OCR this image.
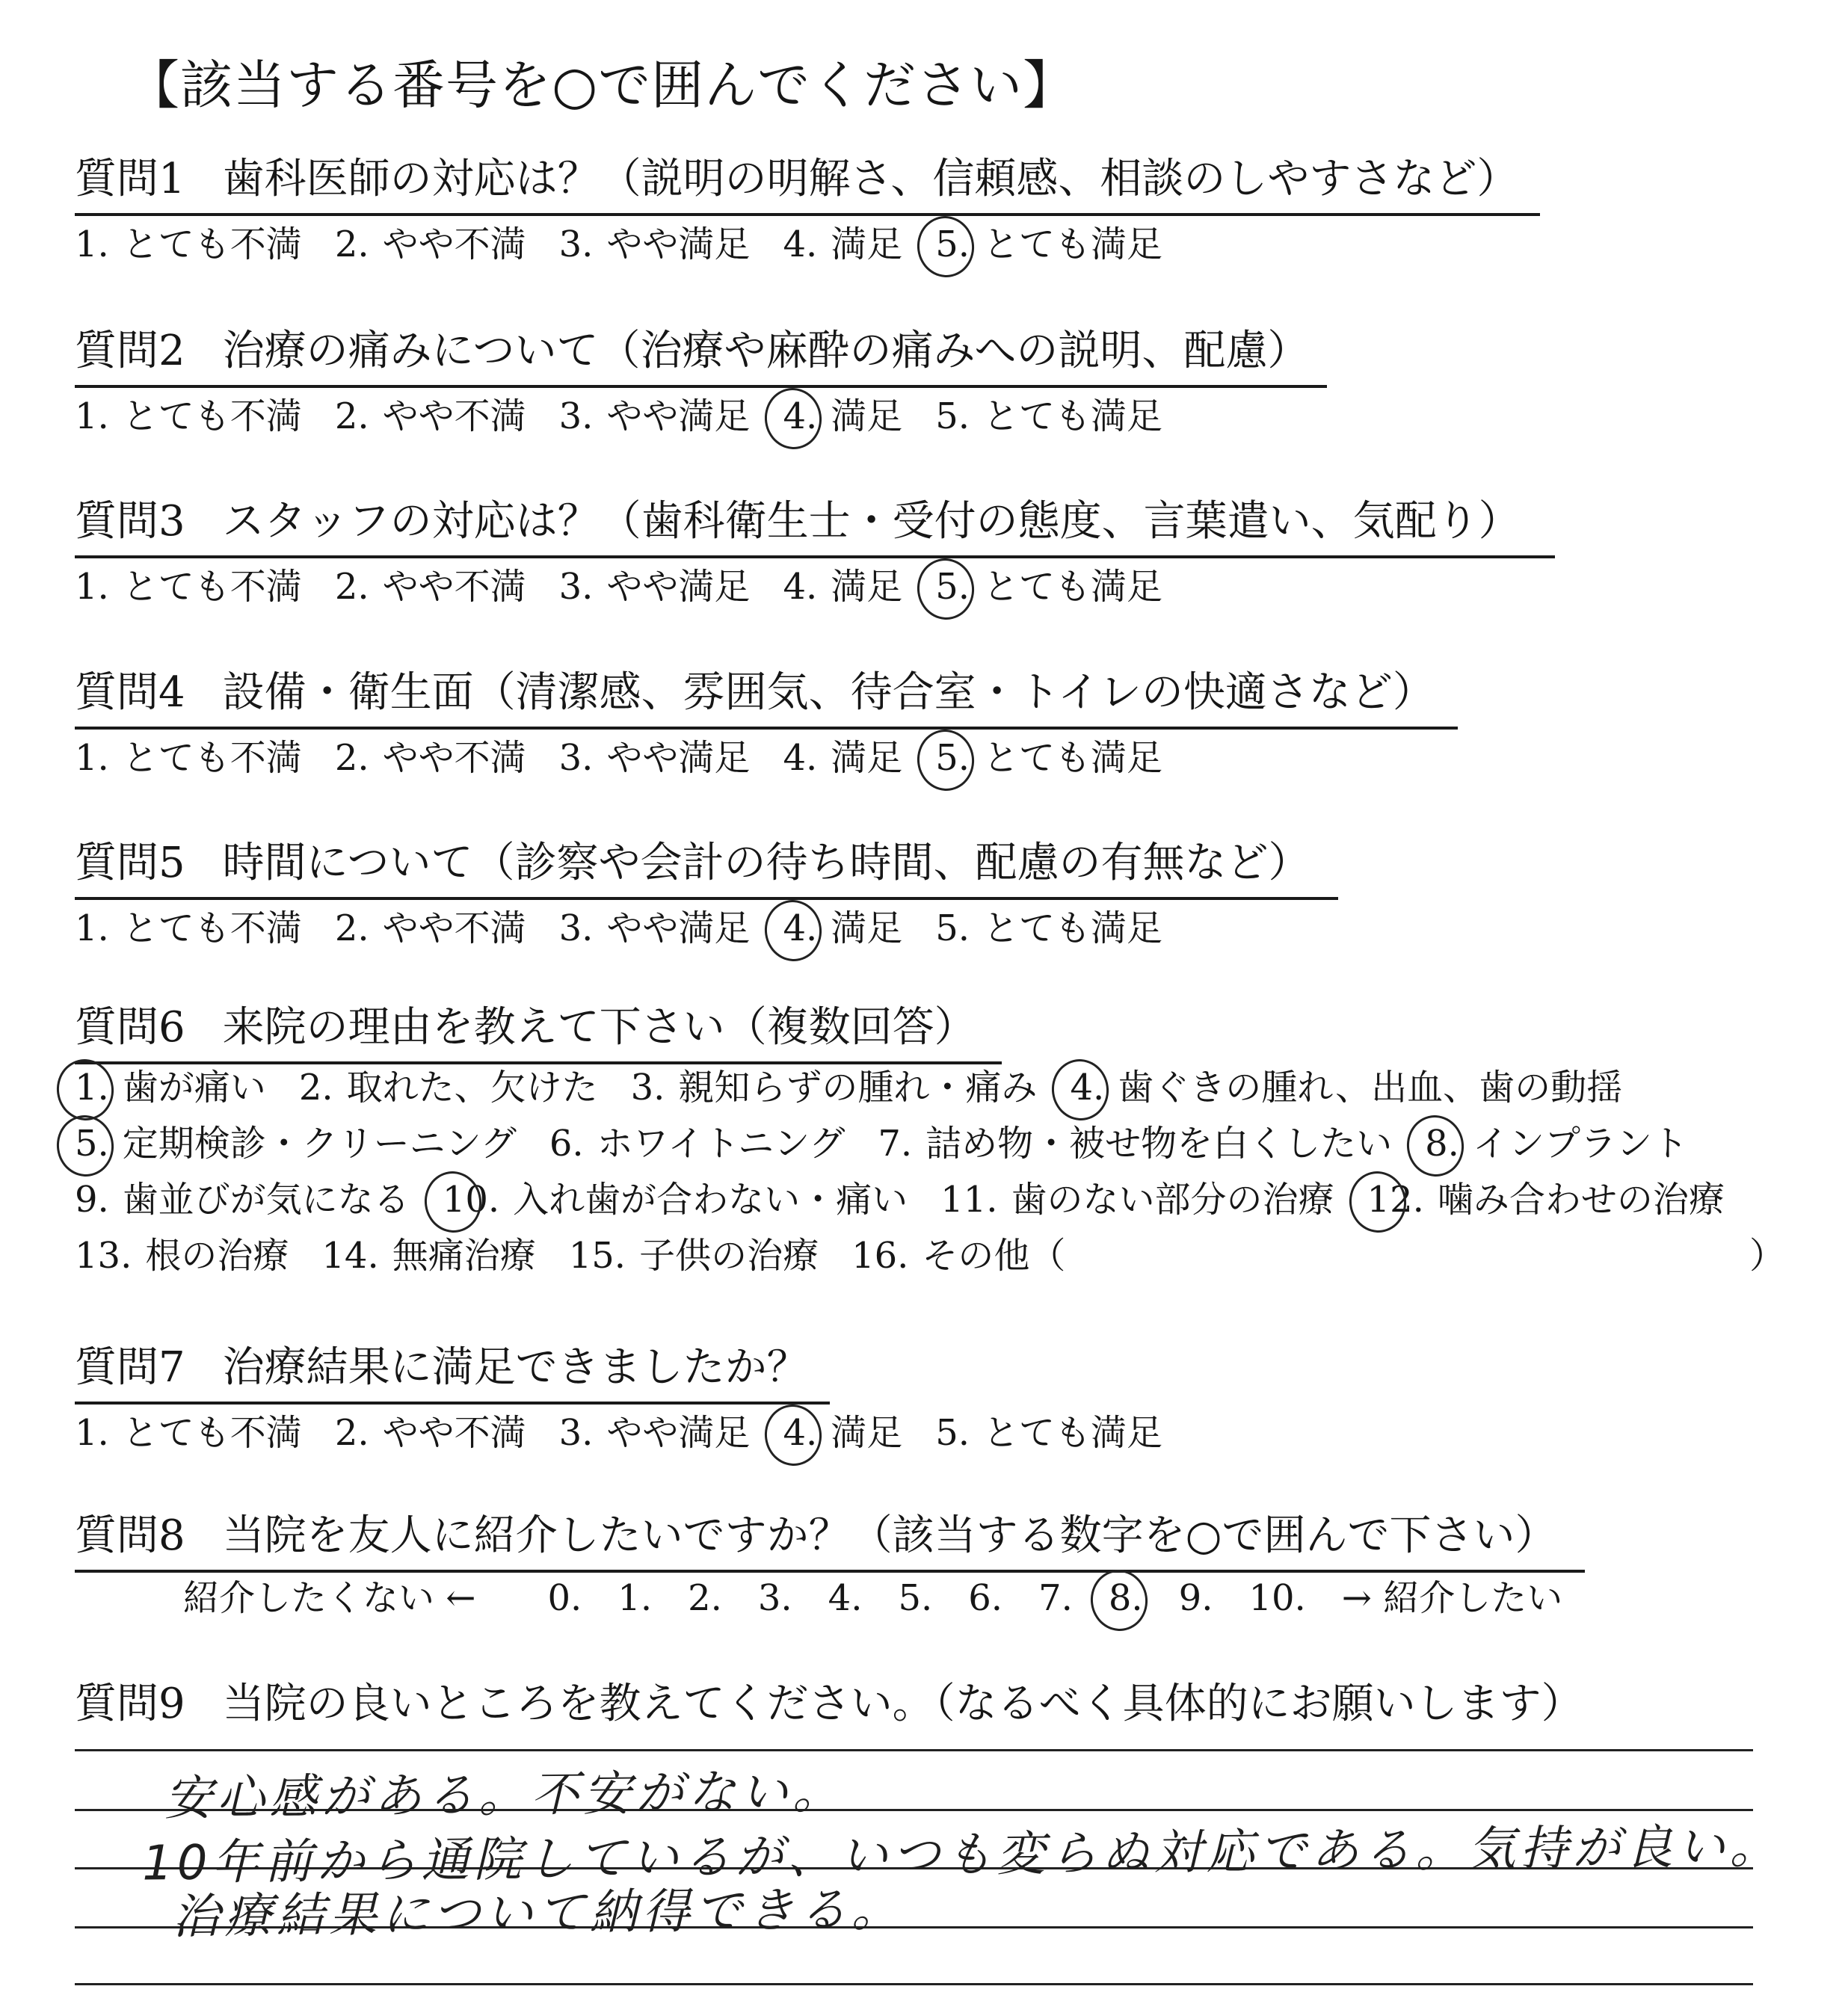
【該当する番号を○で囲んでください】
質問1 歯科医師の対応は？（説明の明解さ、信頼感、相談のしやすさなど）
1. とても不満 2. やや不満 3. やや満足 4. 満足 5. とても満足
質問2 治療の痛みについて（治療や麻酔の痛みへの説明、配慮）
1. とても不満 2. やや不満 3. やや満足 4. 満足 5. とても満足
質問3 スタッフの対応は？（歯科衛生士・受付の態度、言葉遣い、気配り）
1. とても不満 2. やや不満 3. やや満足 4. 満足 5. とても満足
質問4 設備・衛生面（清潔感、雰囲気、待合室・トイレの快適さなど）
1. とても不満 2. やや不満 3. やや満足 4. 満足 5. とても満足
質問5 時間について（診察や会計の待ち時間、配慮の有無など）
1. とても不満 2. やや不満 3. やや満足 4. 満足 5. とても満足
質問6 来院の理由を教えて下さい（複数回答）
1. 歯が痛い 2. 取れた、欠けた 3. 親知らずの腫れ・痛み 4. 歯ぐきの腫れ、出血、歯の動揺
5. 定期検診・クリーニング 6. ホワイトニング 7. 詰め物・被せ物を白くしたい 8. インプラント
9. 歯並びが気になる 10. 入れ歯が合わない・痛い 11. 歯のない部分の治療 12. 噛み合わせの治療
13. 根の治療 14. 無痛治療 15. 子供の治療 16. その他（	）
質問7 治療結果に満足できましたか？
1. とても不満 2. やや不満 3. やや満足 4. 満足 5. とても満足
質問8 当院を友人に紹介したいですか？（該当する数字を○で囲んで下さい）
紹介したくない ← 0. 1. 2. 3. 4. 5. 6. 7. 8. 9. 10. → 紹介したい
質問9 当院の良いところを教えてください。（なるべく具体的にお願いします）
安心感がある。不安がない。
10年前から通院しているが、いつも変らぬ対応である。気持が良い。
治療結果について納得できる。
